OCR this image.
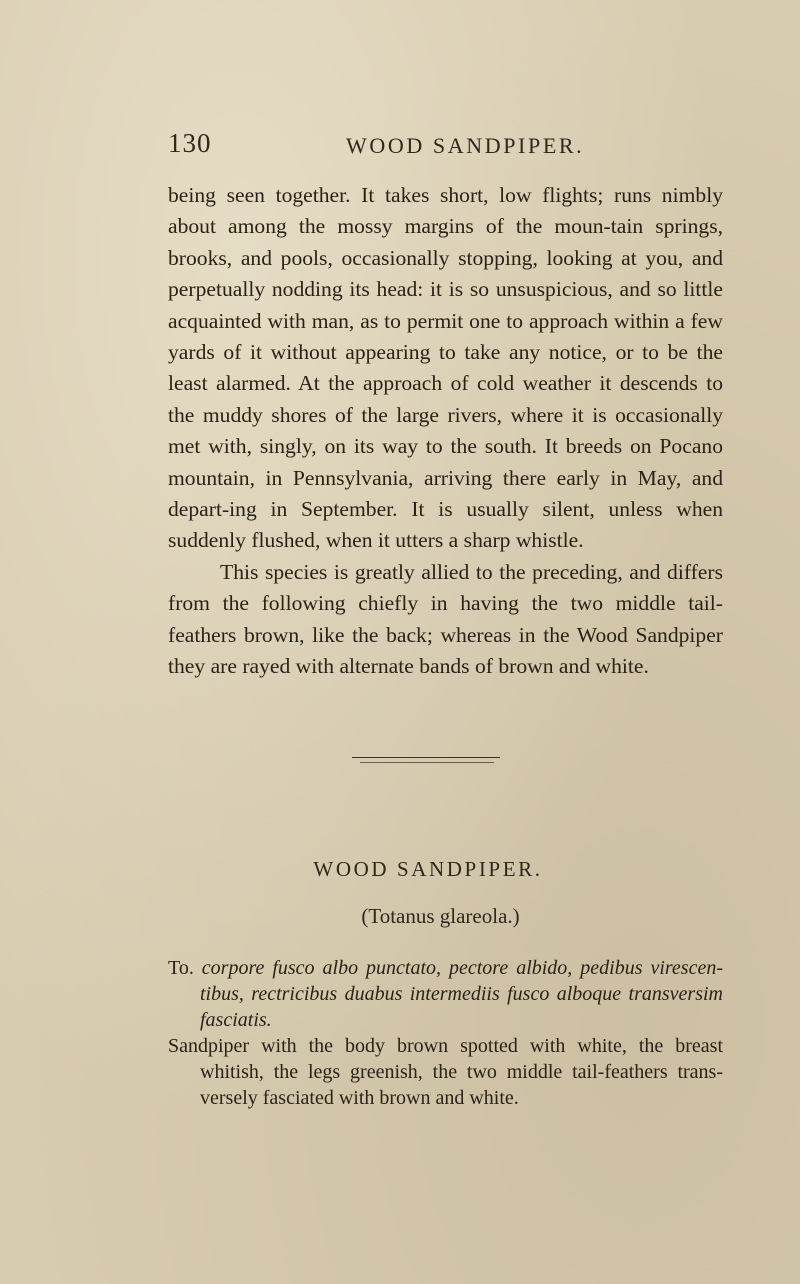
130	WOOD SANDPIPER.

being seen together. It takes short, low flights; runs nimbly about among the mossy margins of the moun-tain springs, brooks, and pools, occasionally stopping, looking at you, and perpetually nodding its head: it is so unsuspicious, and so little acquainted with man, as to permit one to approach within a few yards of it without appearing to take any notice, or to be the least alarmed. At the approach of cold weather it descends to the muddy shores of the large rivers, where it is occasionally met with, singly, on its way to the south. It breeds on Pocano mountain, in Pennsylvania, arriving there early in May, and depart-ing in September. It is usually silent, unless when suddenly flushed, when it utters a sharp whistle.

This species is greatly allied to the preceding, and differs from the following chiefly in having the two middle tail-feathers brown, like the back; whereas in the Wood Sandpiper they are rayed with alternate bands of brown and white.

WOOD SANDPIPER.
(Totanus glareola.)

To. corpore fusco albo punctato, pectore albido, pedibus virescen-tibus, rectricibus duabus intermediis fusco alboque transversim fasciatis.

Sandpiper with the body brown spotted with white, the breast whitish, the legs greenish, the two middle tail-feathers trans-versely fasciated with brown and white.
